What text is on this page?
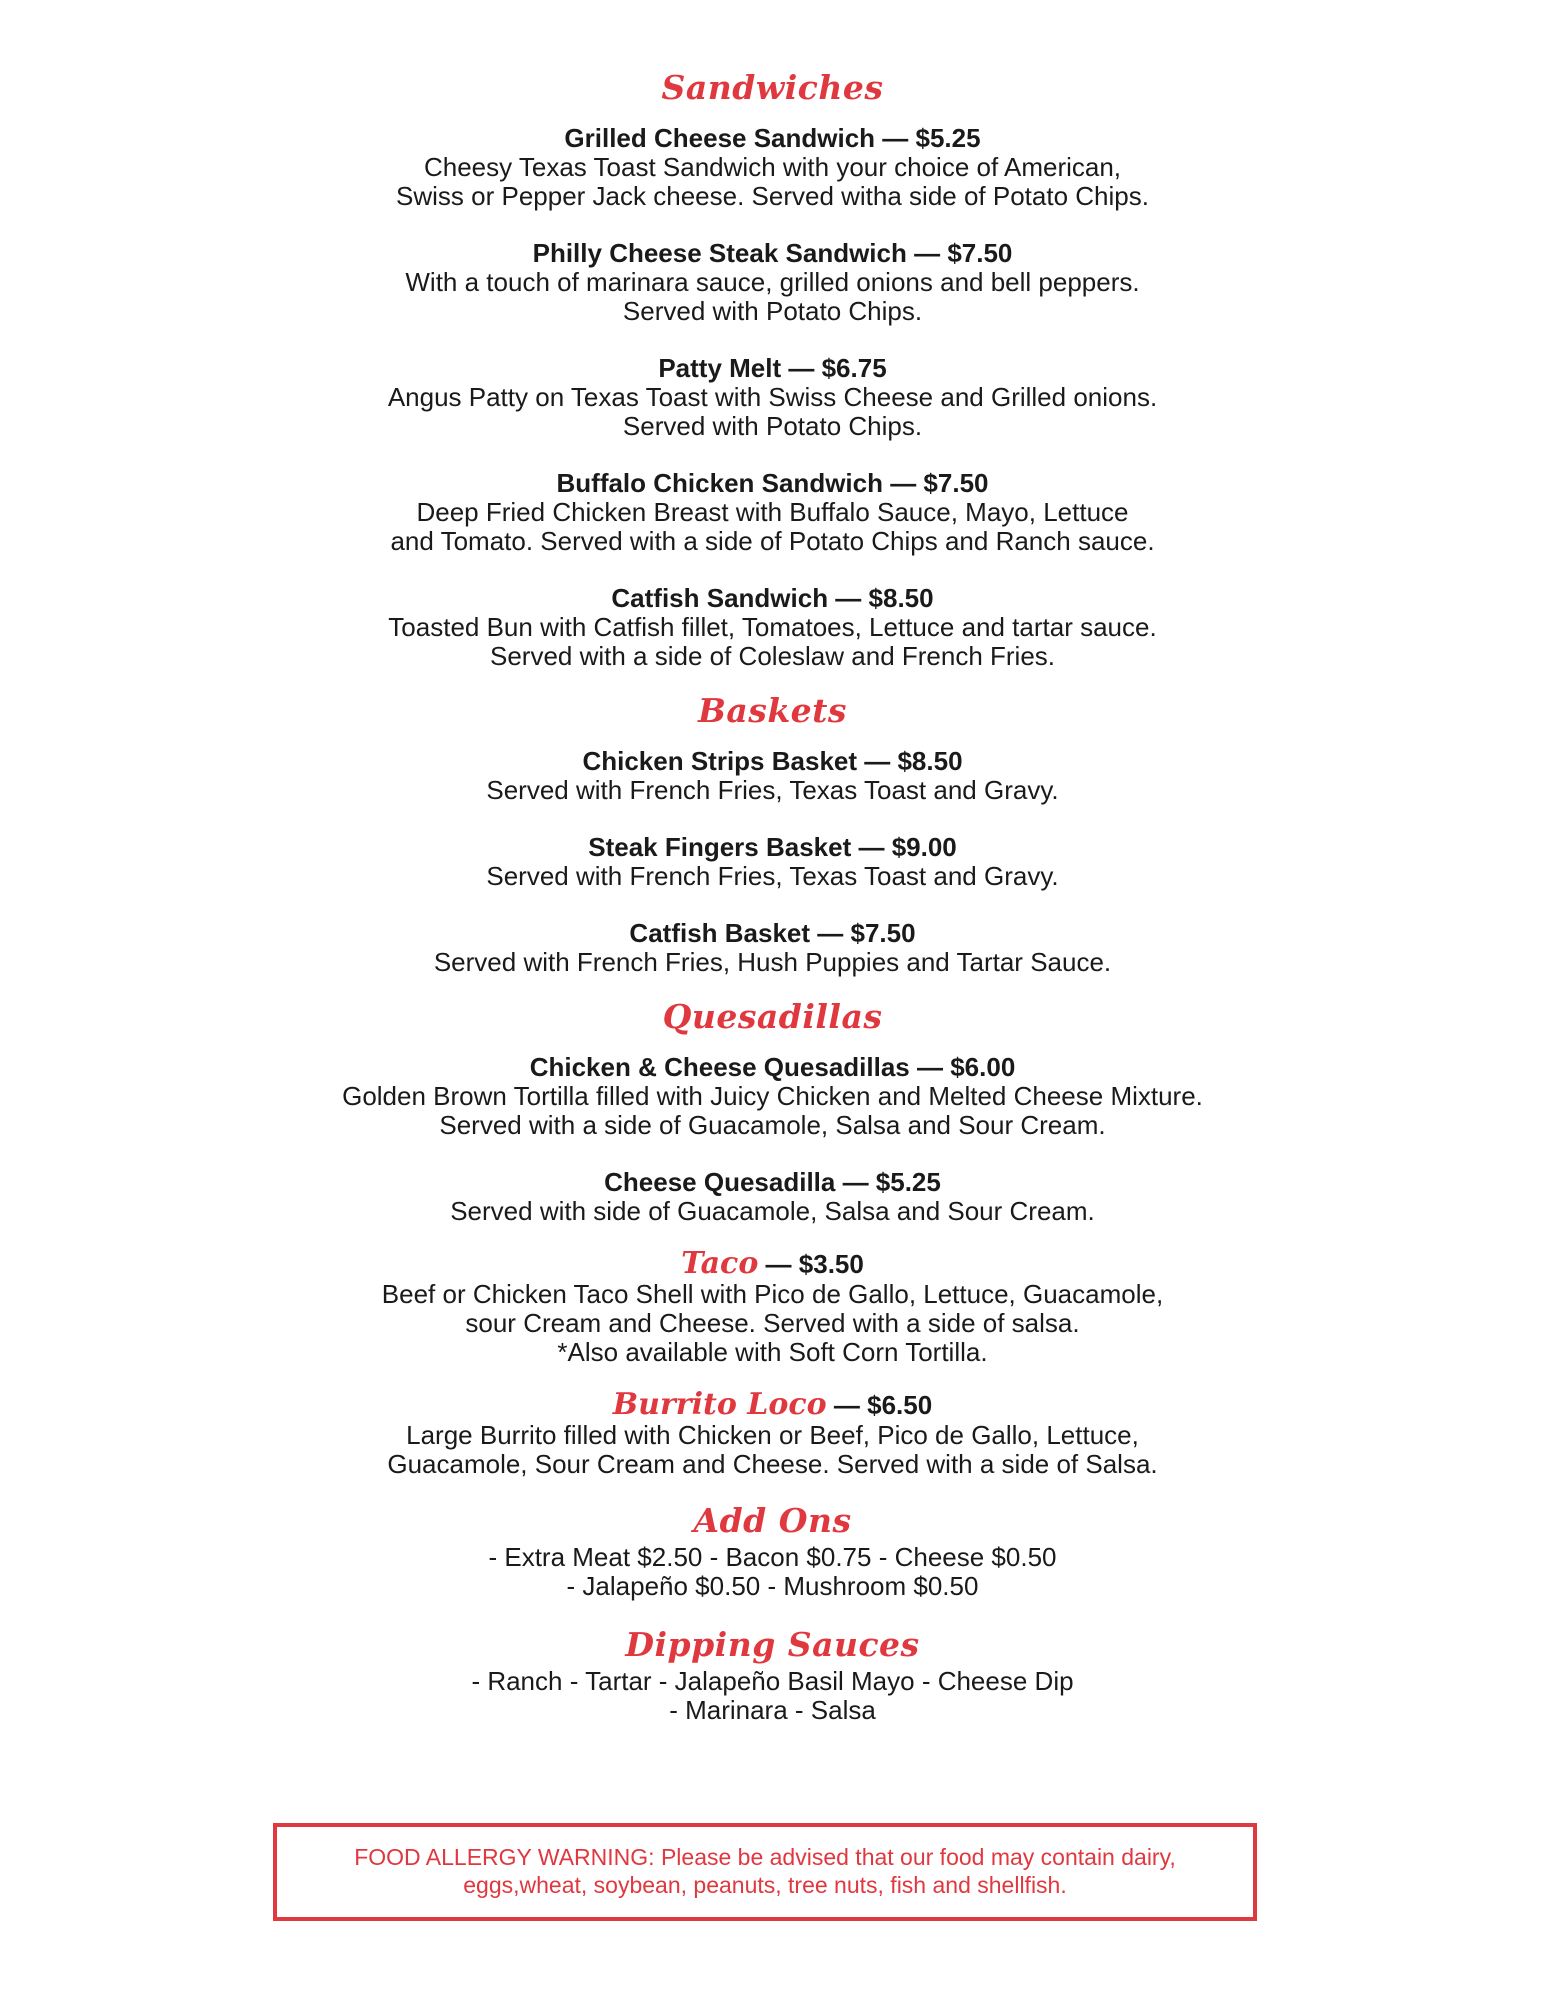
Sandwiches

Grilled Cheese Sandwich — $5.25

Cheesy Texas Toast Sandwich with your choice of American,

Swiss or Pepper Jack cheese. Served witha side of Potato Chips.

Philly Cheese Steak Sandwich — $7.50

With a touch of marinara sauce, grilled onions and bell peppers.

Served with Potato Chips.

Patty Melt — $6.75

Angus Patty on Texas Toast with Swiss Cheese and Grilled onions.

Served with Potato Chips.

Buffalo Chicken Sandwich — $7.50

Deep Fried Chicken Breast with Buffalo Sauce, Mayo, Lettuce

and Tomato. Served with a side of Potato Chips and Ranch sauce.

Catfish Sandwich — $8.50

Toasted Bun with Catfish fillet, Tomatoes, Lettuce and tartar sauce.

Served with a side of Coleslaw and French Fries.

Baskets

Chicken Strips Basket — $8.50

Served with French Fries, Texas Toast and Gravy.

Steak Fingers Basket — $9.00

Served with French Fries, Texas Toast and Gravy.

Catfish Basket — $7.50

Served with French Fries, Hush Puppies and Tartar Sauce.

Quesadillas

Chicken & Cheese Quesadillas — $6.00

Golden Brown Tortilla filled with Juicy Chicken and Melted Cheese Mixture.

Served with a side of Guacamole, Salsa and Sour Cream.

Cheese Quesadilla — $5.25

Served with side of Guacamole, Salsa and Sour Cream.

Taco — $3.50

Beef or Chicken Taco Shell with Pico de Gallo, Lettuce, Guacamole,

sour Cream and Cheese. Served with a side of salsa.

*Also available with Soft Corn Tortilla.

Burrito Loco — $6.50

Large Burrito filled with Chicken or Beef, Pico de Gallo, Lettuce,

Guacamole, Sour Cream and Cheese. Served with a side of Salsa.

Add Ons

- Extra Meat $2.50 - Bacon $0.75 - Cheese $0.50

- Jalapeño $0.50 - Mushroom $0.50

Dipping Sauces

- Ranch - Tartar - Jalapeño Basil Mayo - Cheese Dip

- Marinara - Salsa

FOOD ALLERGY WARNING: Please be advised that our food may contain dairy,
eggs,wheat, soybean, peanuts, tree nuts, fish and shellfish.
